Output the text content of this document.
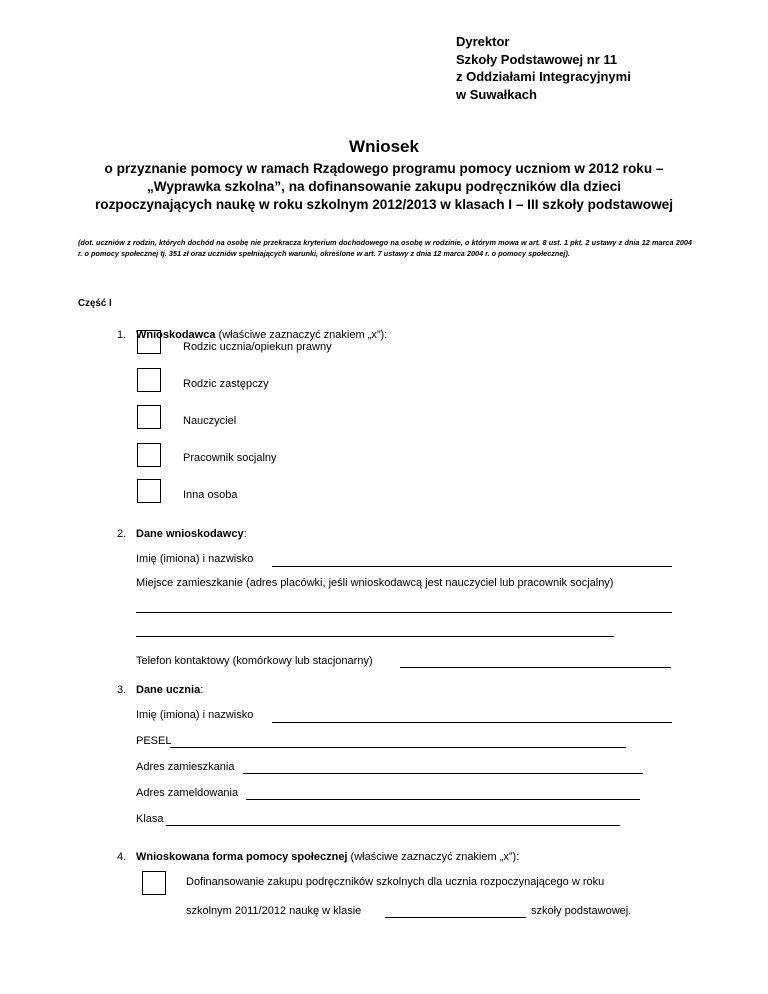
Dyrektor
Szkoły Podstawowej nr 11
z Oddziałami Integracyjnymi
w Suwałkach
Wniosek
o przyznanie pomocy w ramach Rządowego programu pomocy uczniom w 2012 roku –
„Wyprawka szkolna”, na dofinansowanie zakupu podręczników dla dzieci
rozpoczynających naukę w roku szkolnym 2012/2013 w klasach I – III szkoły podstawowej
(dot. uczniów z rodzin, których dochód na osobę nie przekracza kryterium dochodowego na osobę w rodzinie, o którym mowa w art. 8 ust. 1 pkt. 2 ustawy z dnia 12 marca 2004 r. o pomocy społecznej tj. 351 zł oraz uczniów spełniających warunki, określone w art. 7 ustawy z dnia 12 marca 2004 r. o pomocy społecznej).
Część I
1. Wnioskodawca (właściwe zaznaczyć znakiem „x”):
Rodzic ucznia/opiekun prawny
Rodzic zastępczy
Nauczyciel
Pracownik socjalny
Inna osoba
2. Dane wnioskodawcy:
Imię (imiona) i nazwisko
Miejsce zamieszkanie (adres placówki, jeśli wnioskodawcą jest nauczyciel lub pracownik socjalny)
Telefon kontaktowy (komórkowy lub stacjonarny)
3. Dane ucznia:
Imię (imiona) i nazwisko
PESEL
Adres zamieszkania
Adres zameldowania
Klasa
4. Wnioskowana forma pomocy społecznej (właściwe zaznaczyć znakiem „x”):
Dofinansowanie zakupu podręczników szkolnych dla ucznia rozpoczynającego w roku
szkolnym 2011/2012 naukę w klasie	szkoły podstawowej.
